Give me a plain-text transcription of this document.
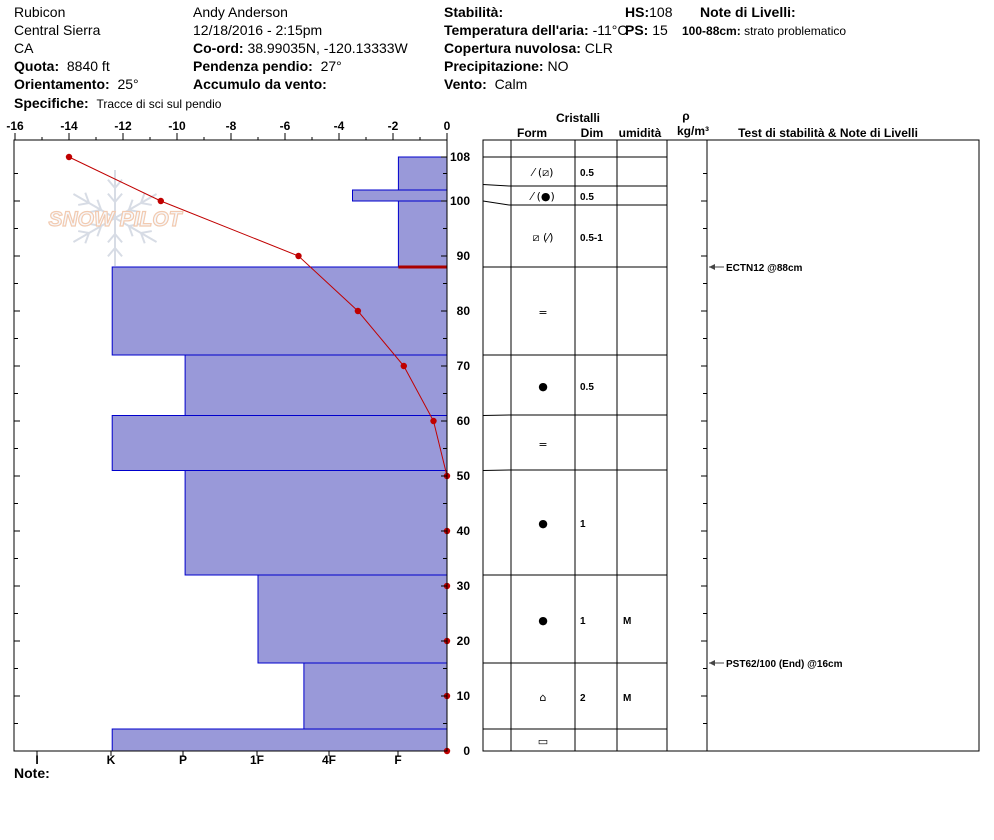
Rubicon
Central Sierra
CA
Quota: 8840 ft
Orientamento: 25°
Specifiche: Tracce di sci sul pendio
Andy Anderson
12/18/2016 - 2:15pm
Co-ord: 38.99035N, -120.13333W
Pendenza pendio: 27°
Accumulo da vento:
Stabilità:
Temperatura dell'aria: -11°C
Copertura nuvolosa: CLR
Precipitazione: NO
Vento: Calm
HS:108
PS: 15
Note di Livelli:
100-88cm: strato problematico
SNOW PILOT
-16	-14	-12	-10	-8	-6	-4	-2	0
0
10
20
30
40
50
60
70
80
90
100
108
I	K	P	1F	4F	F
⁄ (⧄)	0.5
⁄ (●)	0.5
⧄ (⁄)	0.5-1
=
●	0.5
=
●	1
●	1	M
⌂	2	M
▭
ECTN12 @88cm
PST62/100 (End) @16cm
Cristalli
Form	Dim umidità
ρ
kg/m³ Test di stabilità & Note di Livelli
Note:
